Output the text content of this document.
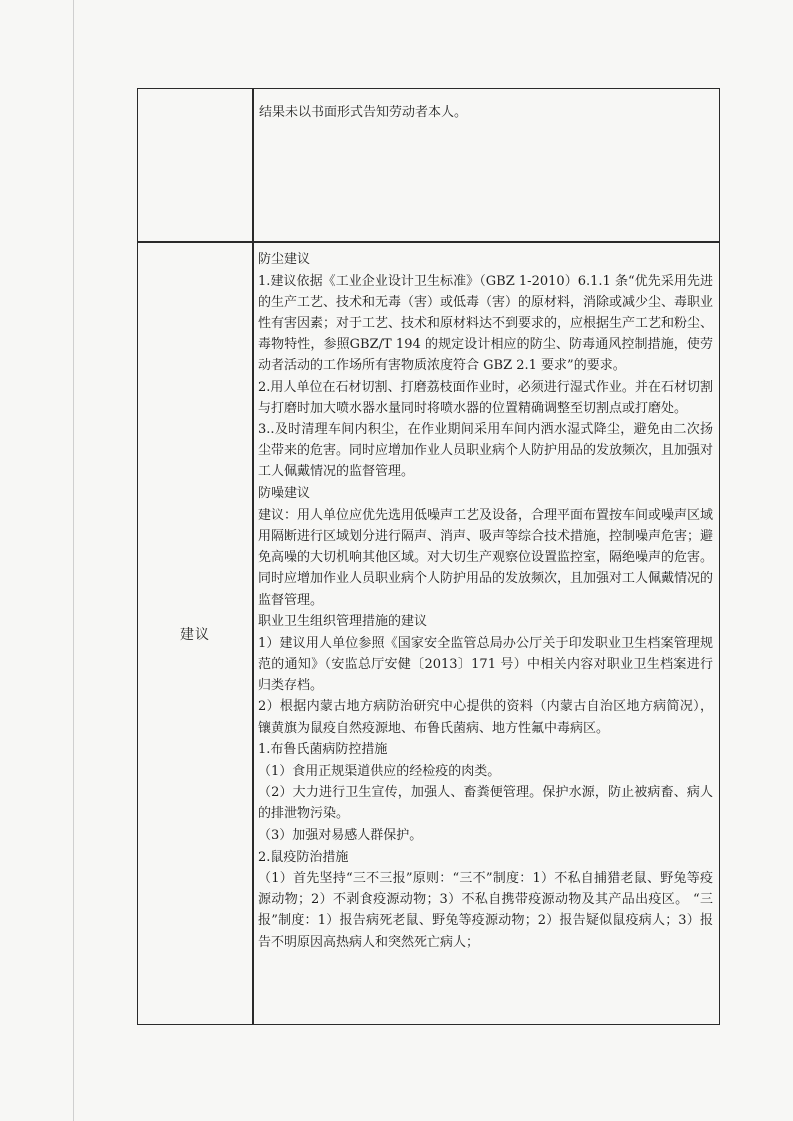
结果未以书面形式告知劳动者本人。
建议

防尘建议

1.建议依据《工业企业设计卫生标准》（GBZ 1-2010）6.1.1 条“优先采用先进的生产工艺、技术和无毒（害）或低毒（害）的原材料，消除或减少尘、毒职业性有害因素；对于工艺、技术和原材料达不到要求的，应根据生产工艺和粉尘、毒物特性，参照GBZ/T 194 的规定设计相应的防尘、防毒通风控制措施，使劳动者活动的工作场所有害物质浓度符合 GBZ 2.1 要求”的要求。

2.用人单位在石材切割、打磨荔枝面作业时，必须进行湿式作业。并在石材切割与打磨时加大喷水器水量同时将喷水器的位置精确调整至切割点或打磨处。

3..及时清理车间内积尘，在作业期间采用车间内洒水湿式降尘，避免由二次扬尘带来的危害。同时应增加作业人员职业病个人防护用品的发放频次，且加强对工人佩戴情况的监督管理。

防噪建议

建议：用人单位应优先选用低噪声工艺及设备，合理平面布置按车间或噪声区域用隔断进行区域划分进行隔声、消声、吸声等综合技术措施，控制噪声危害；避免高噪的大切机响其他区域。对大切生产观察位设置监控室，隔绝噪声的危害。

同时应增加作业人员职业病个人防护用品的发放频次，且加强对工人佩戴情况的监督管理。

职业卫生组织管理措施的建议

1）建议用人单位参照《国家安全监管总局办公厅关于印发职业卫生档案管理规范的通知》（安监总厅安健〔2013〕171 号）中相关内容对职业卫生档案进行归类存档。

2）根据内蒙古地方病防治研究中心提供的资料（内蒙古自治区地方病简况），镶黄旗为鼠疫自然疫源地、布鲁氏菌病、地方性氟中毒病区。

1.布鲁氏菌病防控措施

（1）食用正规渠道供应的经检疫的肉类。

（2）大力进行卫生宣传，加强人、畜粪便管理。保护水源，防止被病畜、病人的排泄物污染。

（3）加强对易感人群保护。

2.鼠疫防治措施

（1）首先坚持“三不三报”原则：“三不”制度：1）不私自捕猎老鼠、野兔等疫源动物；2）不剥食疫源动物；3）不私自携带疫源动物及其产品出疫区。 “三报”制度：1）报告病死老鼠、野兔等疫源动物；2）报告疑似鼠疫病人；3）报告不明原因高热病人和突然死亡病人；
